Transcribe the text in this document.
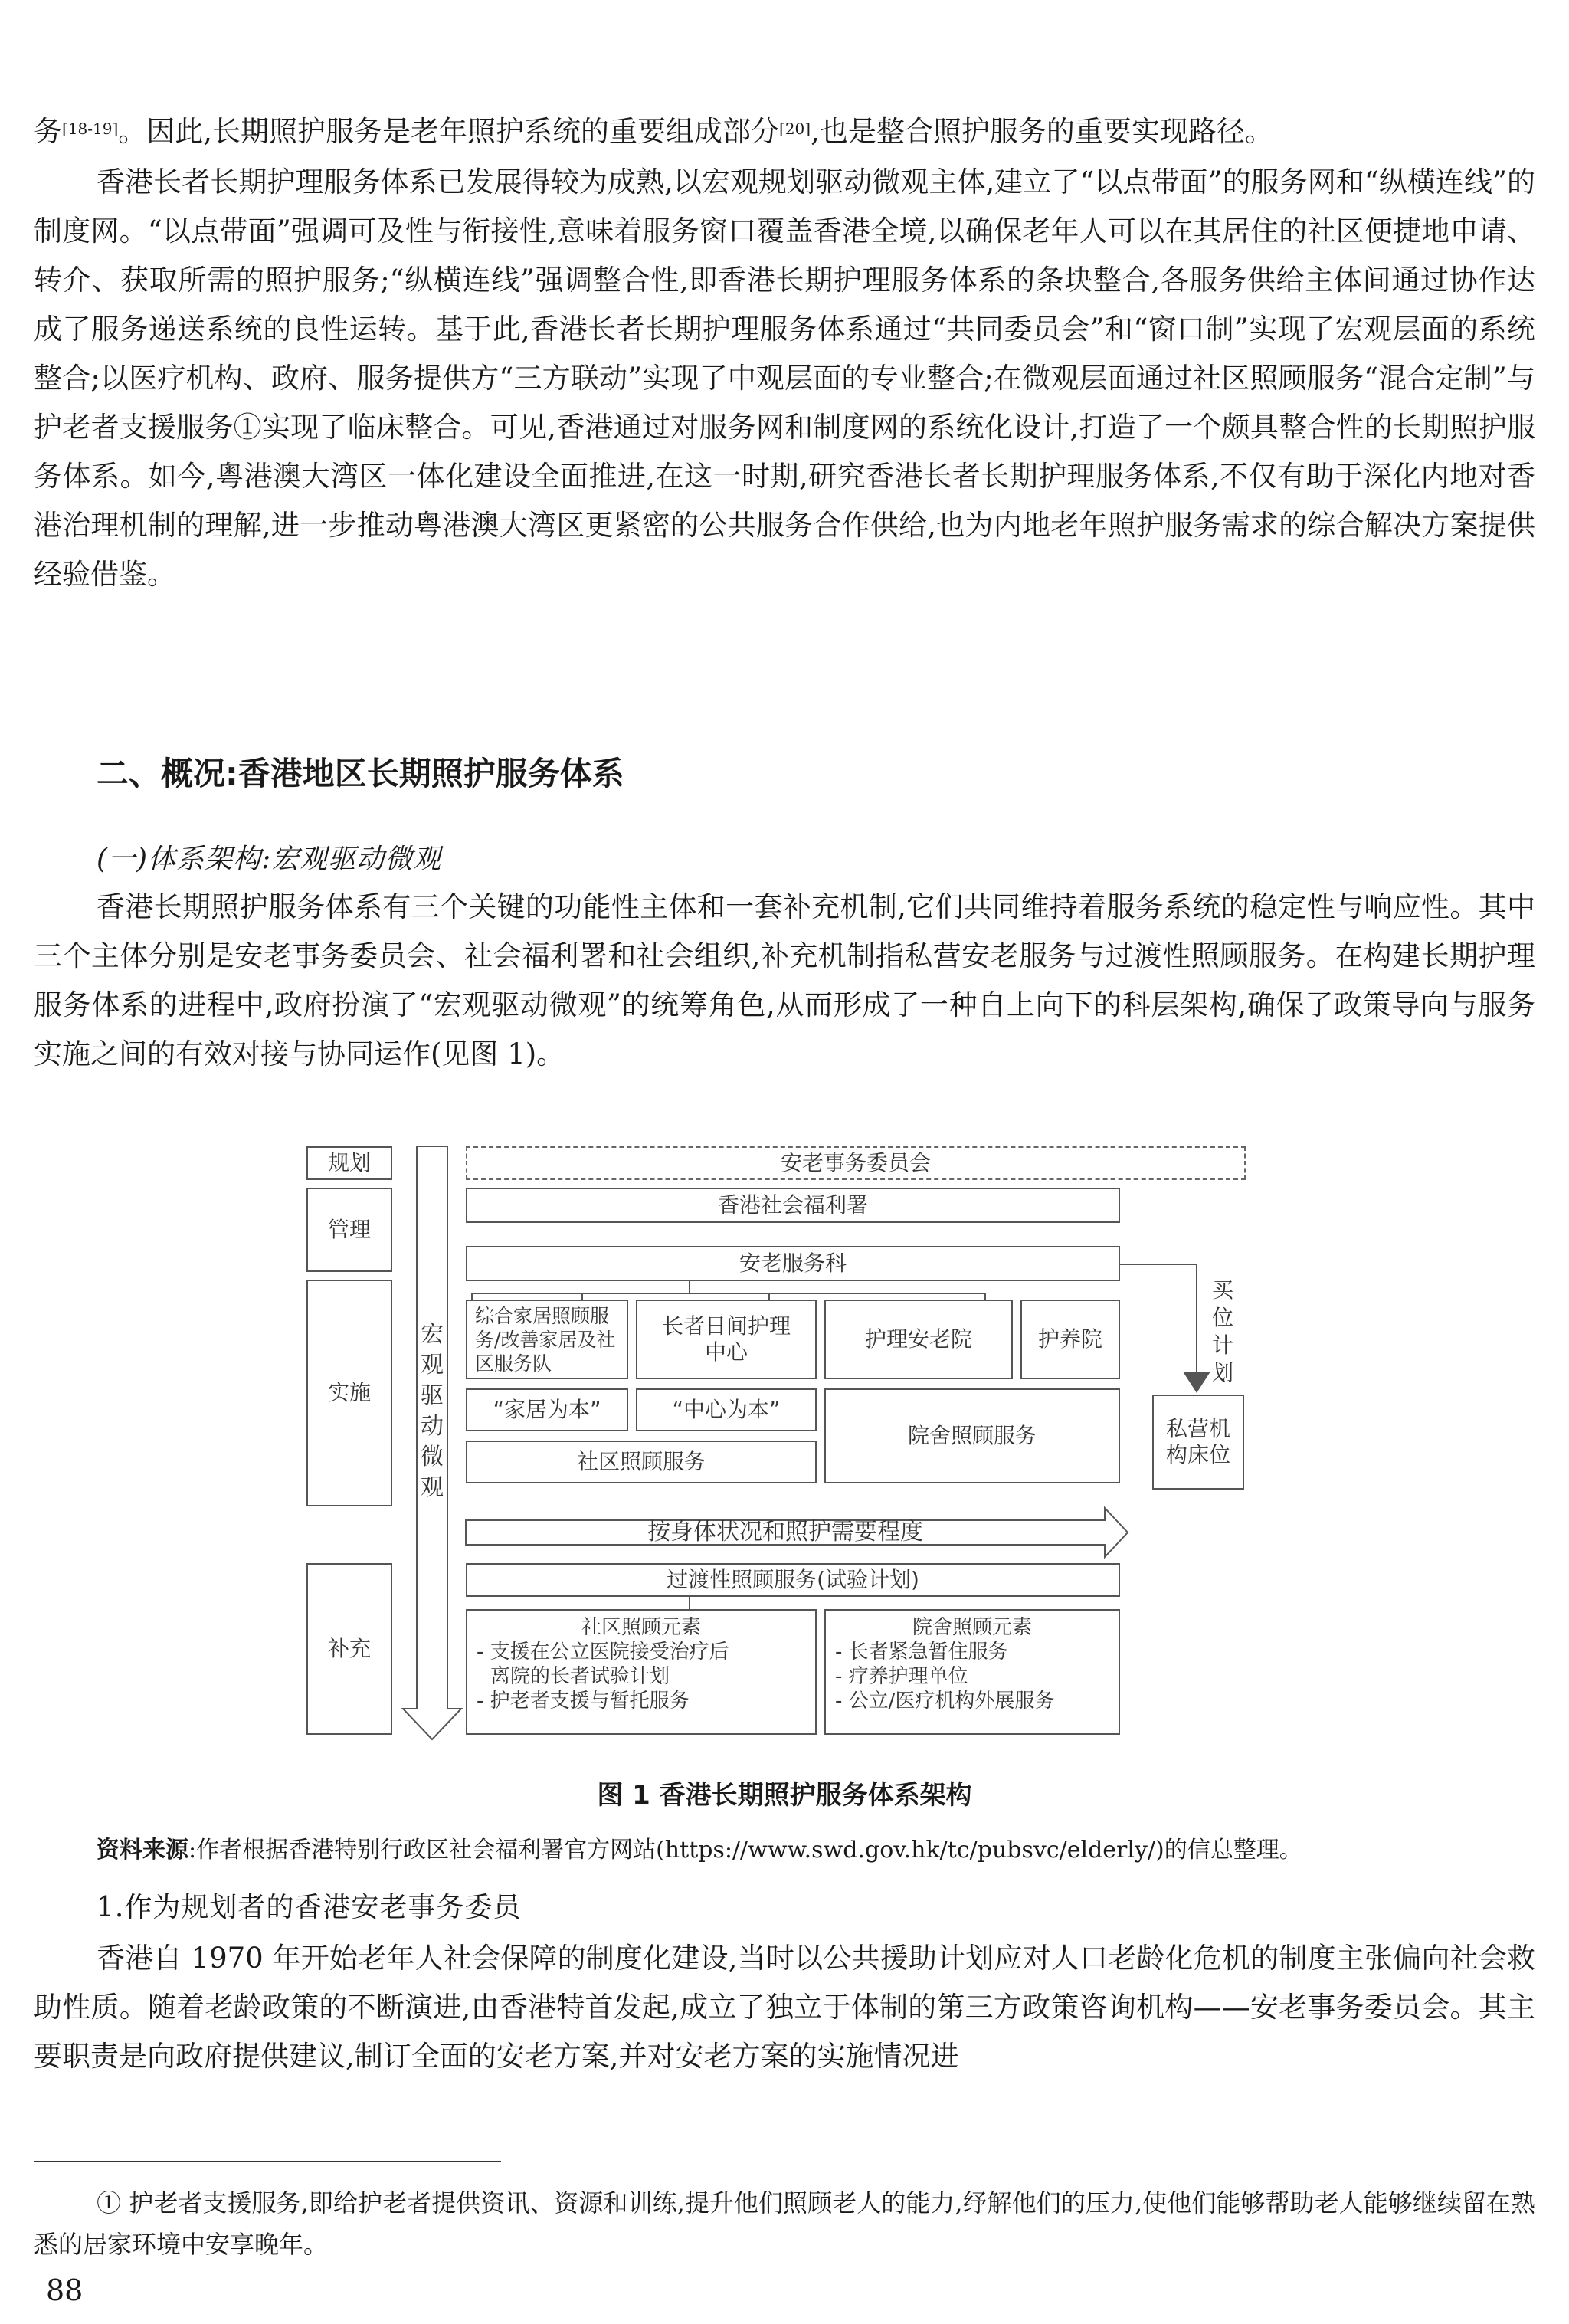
务[18-19]。因此,长期照护服务是老年照护系统的重要组成部分[20],也是整合照护服务的重要实现路径。

香港长者长期护理服务体系已发展得较为成熟,以宏观规划驱动微观主体,建立了“以点带面”的服务网和“纵横连线”的制度网。“以点带面”强调可及性与衔接性,意味着服务窗口覆盖香港全境,以确保老年人可以在其居住的社区便捷地申请、转介、获取所需的照护服务;“纵横连线”强调整合性,即香港长期护理服务体系的条块整合,各服务供给主体间通过协作达成了服务递送系统的良性运转。基于此,香港长者长期护理服务体系通过“共同委员会”和“窗口制”实现了宏观层面的系统整合;以医疗机构、政府、服务提供方“三方联动”实现了中观层面的专业整合;在微观层面通过社区照顾服务“混合定制”与护老者支援服务①实现了临床整合。可见,香港通过对服务网和制度网的系统化设计,打造了一个颇具整合性的长期照护服务体系。如今,粤港澳大湾区一体化建设全面推进,在这一时期,研究香港长者长期护理服务体系,不仅有助于深化内地对香港治理机制的理解,进一步推动粤港澳大湾区更紧密的公共服务合作供给,也为内地老年照护服务需求的综合解决方案提供经验借鉴。

二、概况:香港地区长期照护服务体系

(一)体系架构:宏观驱动微观

香港长期照护服务体系有三个关键的功能性主体和一套补充机制,它们共同维持着服务系统的稳定性与响应性。其中三个主体分别是安老事务委员会、社会福利署和社会组织,补充机制指私营安老服务与过渡性照顾服务。在构建长期护理服务体系的进程中,政府扮演了“宏观驱动微观”的统筹角色,从而形成了一种自上向下的科层架构,确保了政策导向与服务实施之间的有效对接与协同运作(见图 1)。

规划
管理
实施
补充
宏观驱动微观
安老事务委员会
香港社会福利署
安老服务科
综合家居照顾服务/改善家居及社区服务队
长者日间护理中心
护理安老院	护养院
“家居为本”	“中心为本”
院舍照顾服务
社区照顾服务
买位计划
私营机构床位
按身体状况和照护需要程度
过渡性照顾服务(试验计划)
社区照顾元素
- 支援在公立医院接受治疗后
离院的长者试验计划
- 护老者支援与暂托服务
院舍照顾元素
- 长者紧急暂住服务
- 疗养护理单位
- 公立/医疗机构外展服务

图 1 香港长期照护服务体系架构

资料来源:作者根据香港特别行政区社会福利署官方网站(https://www.swd.gov.hk/tc/pubsvc/elderly/)的信息整理。

1.作为规划者的香港安老事务委员

香港自 1970 年开始老年人社会保障的制度化建设,当时以公共援助计划应对人口老龄化危机的制度主张偏向社会救助性质。随着老龄政策的不断演进,由香港特首发起,成立了独立于体制的第三方政策咨询机构——安老事务委员会。其主要职责是向政府提供建议,制订全面的安老方案,并对安老方案的实施情况进

① 护老者支援服务,即给护老者提供资讯、资源和训练,提升他们照顾老人的能力,纾解他们的压力,使他们能够帮助老人能够继续留在熟悉的居家环境中安享晚年。

88
